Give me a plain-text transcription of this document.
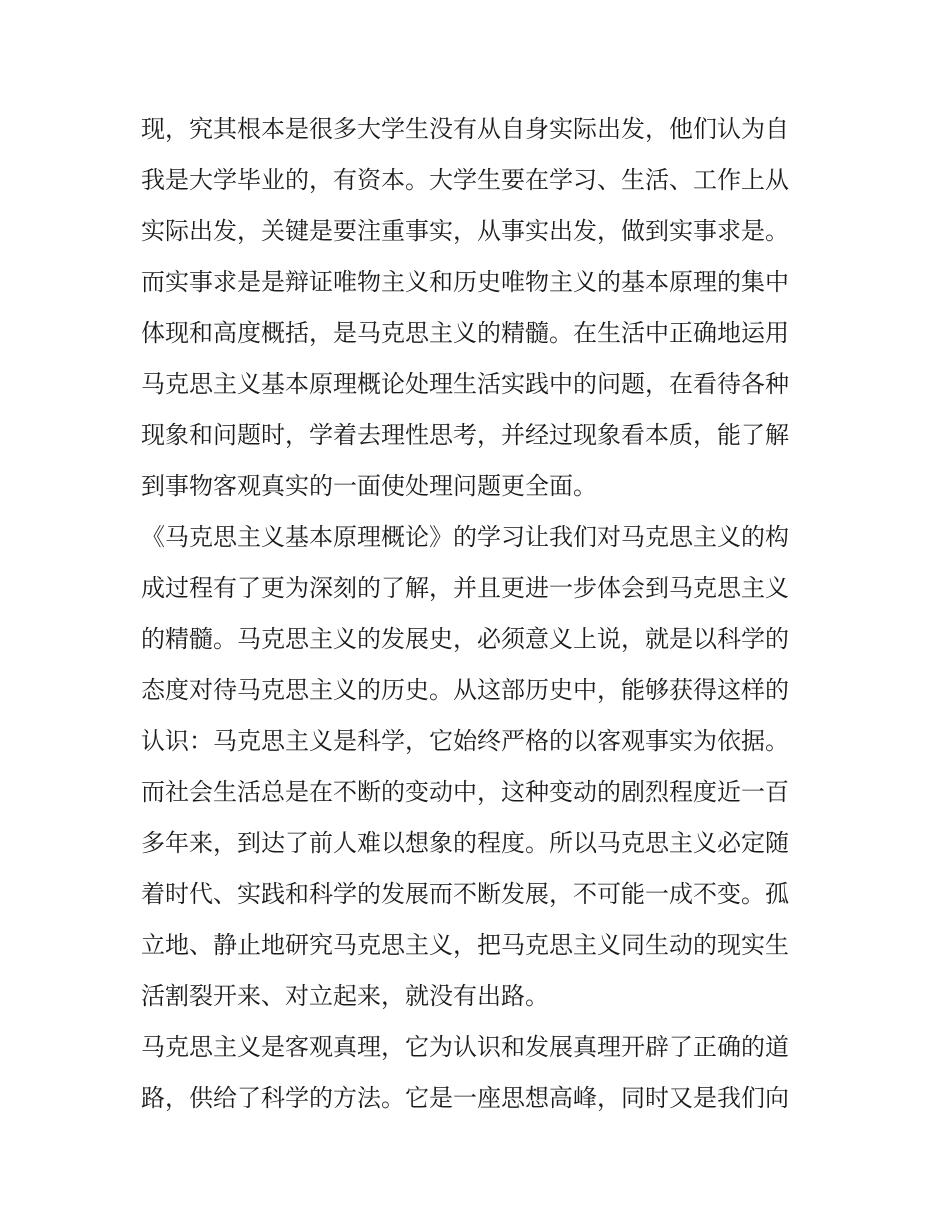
现，究其根本是很多大学生没有从自身实际出发，他们认为自
我是大学毕业的，有资本。大学生要在学习、生活、工作上从
实际出发，关键是要注重事实，从事实出发，做到实事求是。
而实事求是是辩证唯物主义和历史唯物主义的基本原理的集中
体现和高度概括，是马克思主义的精髓。在生活中正确地运用
马克思主义基本原理概论处理生活实践中的问题，在看待各种
现象和问题时，学着去理性思考，并经过现象看本质，能了解
到事物客观真实的一面使处理问题更全面。
《马克思主义基本原理概论》的学习让我们对马克思主义的构
成过程有了更为深刻的了解，并且更进一步体会到马克思主义
的精髓。马克思主义的发展史，必须意义上说，就是以科学的
态度对待马克思主义的历史。从这部历史中，能够获得这样的
认识：马克思主义是科学，它始终严格的以客观事实为依据。
而社会生活总是在不断的变动中，这种变动的剧烈程度近一百
多年来，到达了前人难以想象的程度。所以马克思主义必定随
着时代、实践和科学的发展而不断发展，不可能一成不变。孤
立地、静止地研究马克思主义，把马克思主义同生动的现实生
活割裂开来、对立起来，就没有出路。
马克思主义是客观真理，它为认识和发展真理开辟了正确的道
路，供给了科学的方法。它是一座思想高峰，同时又是我们向
